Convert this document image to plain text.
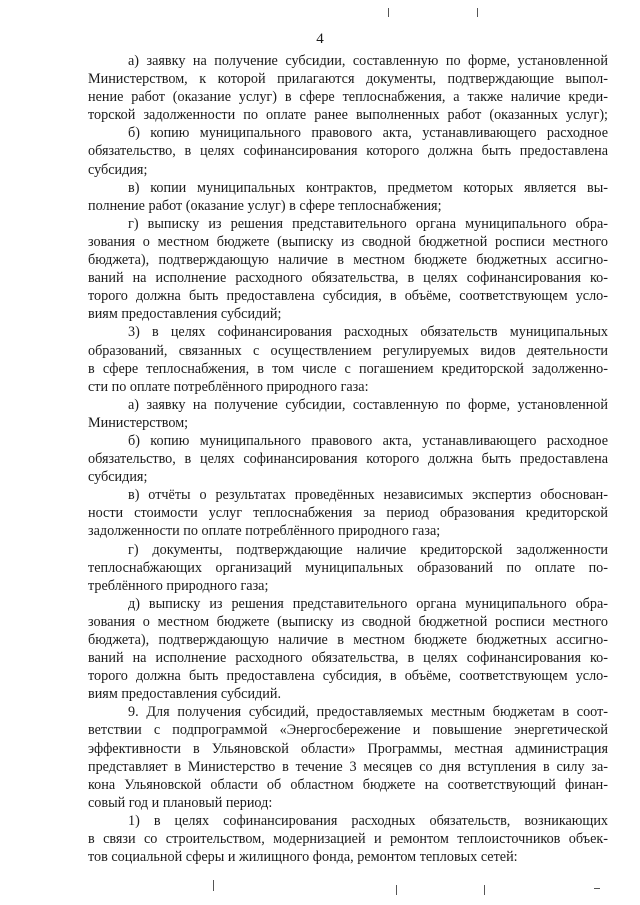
4
а) заявку на получение субсидии, составленную по форме, установленной
Министерством, к которой прилагаются документы, подтверждающие выпол-
нение работ (оказание услуг) в сфере теплоснабжения, а также наличие креди-
торской задолженности по оплате ранее выполненных работ (оказанных услуг);
б) копию муниципального правового акта, устанавливающего расходное
обязательство, в целях софинансирования которого должна быть предоставлена
субсидия;
в) копии муниципальных контрактов, предметом которых является вы-
полнение работ (оказание услуг) в сфере теплоснабжения;
г) выписку из решения представительного органа муниципального обра-
зования о местном бюджете (выписку из сводной бюджетной росписи местного
бюджета), подтверждающую наличие в местном бюджете бюджетных ассигно-
ваний на исполнение расходного обязательства, в целях софинансирования ко-
торого должна быть предоставлена субсидия, в объёме, соответствующем усло-
виям предоставления субсидий;
3) в целях софинансирования расходных обязательств муниципальных
образований, связанных с осуществлением регулируемых видов деятельности
в сфере теплоснабжения, в том числе с погашением кредиторской задолженно-
сти по оплате потреблённого природного газа:
а) заявку на получение субсидии, составленную по форме, установленной
Министерством;
б) копию муниципального правового акта, устанавливающего расходное
обязательство, в целях софинансирования которого должна быть предоставлена
субсидия;
в) отчёты о результатах проведённых независимых экспертиз обоснован-
ности стоимости услуг теплоснабжения за период образования кредиторской
задолженности по оплате потреблённого природного газа;
г) документы, подтверждающие наличие кредиторской задолженности
теплоснабжающих организаций муниципальных образований по оплате по-
треблённого природного газа;
д) выписку из решения представительного органа муниципального обра-
зования о местном бюджете (выписку из сводной бюджетной росписи местного
бюджета), подтверждающую наличие в местном бюджете бюджетных ассигно-
ваний на исполнение расходного обязательства, в целях софинансирования ко-
торого должна быть предоставлена субсидия, в объёме, соответствующем усло-
виям предоставления субсидий.
9. Для получения субсидий, предоставляемых местным бюджетам в соот-
ветствии с подпрограммой «Энергосбережение и повышение энергетической
эффективности в Ульяновской области» Программы, местная администрация
представляет в Министерство в течение 3 месяцев со дня вступления в силу за-
кона Ульяновской области об областном бюджете на соответствующий финан-
совый год и плановый период:
1) в целях софинансирования расходных обязательств, возникающих
в связи со строительством, модернизацией и ремонтом теплоисточников объек-
тов социальной сферы и жилищного фонда, ремонтом тепловых сетей:
